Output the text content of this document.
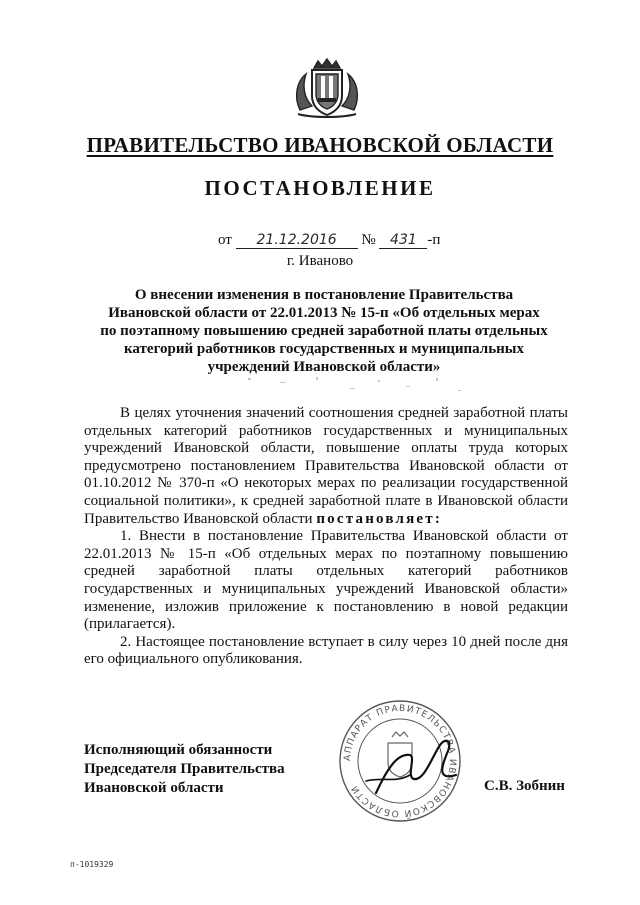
ПРАВИТЕЛЬСТВО ИВАНОВСКОЙ ОБЛАСТИ
ПОСТАНОВЛЕНИЕ
от 21.12.2016 № 431 -п
г. Иваново
О внесении изменения в постановление Правительства
Ивановской области от 22.01.2013 № 15-п «Об отдельных мерах
по поэтапному повышению средней заработной платы отдельных
категорий работников государственных и муниципальных
учреждений Ивановской области»

В целях уточнения значений соотношения средней заработной платы отдельных категорий работников государственных и муниципальных учреждений Ивановской области, повышение оплаты труда которых предусмотрено постановлением Правительства Ивановской области от 01.10.2012 № 370-п «О некоторых мерах по реализации государственной социальной политики», к средней заработной плате в Ивановской области Правительство Ивановской области постановляет:

1. Внести в постановление Правительства Ивановской области от 22.01.2013 № 15-п «Об отдельных мерах по поэтапному повышению средней заработной платы отдельных категорий работников государственных и муниципальных учреждений Ивановской области» изменение, изложив приложение к постановлению в новой редакции (прилагается).

2. Настоящее постановление вступает в силу через 10 дней после дня его официального опубликования.

Исполняющий обязанности
Председателя Правительства
Ивановской области
АППАРАТ ПРАВИТЕЛЬСТВА ИВАНОВСКОЙ ОБЛАСТИ	С.В. Зобнин
п-1019329
